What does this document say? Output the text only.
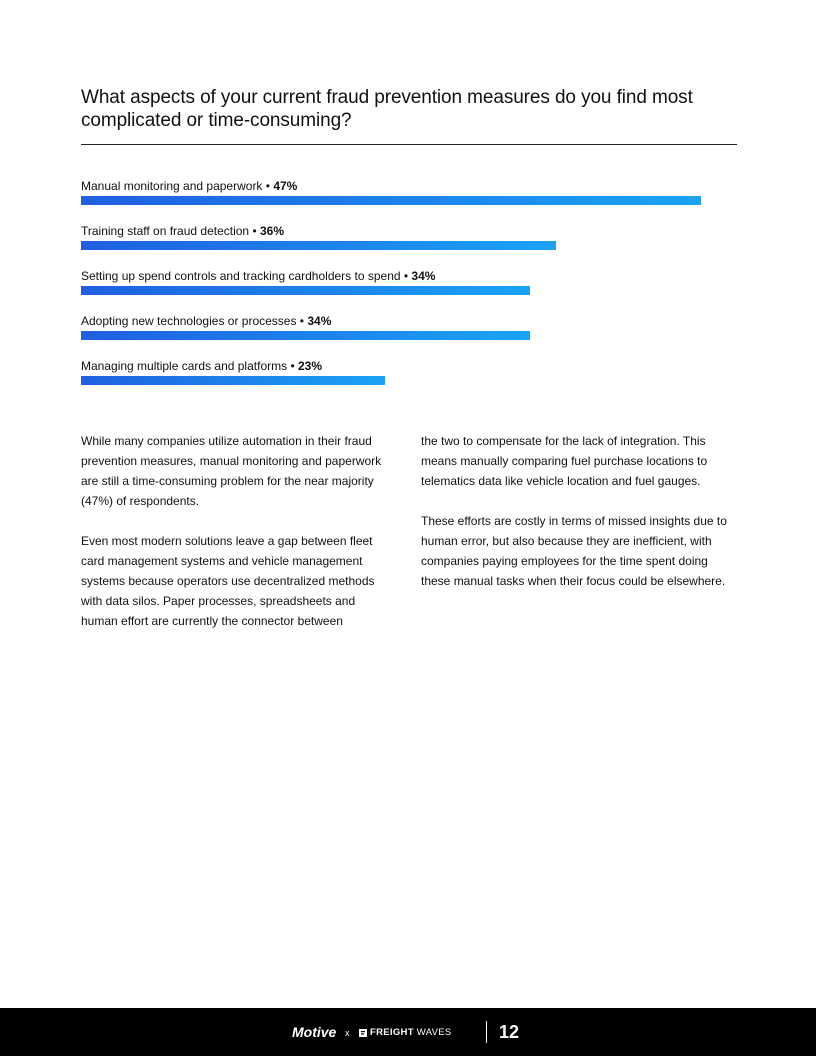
What aspects of your current fraud prevention measures do you find most complicated or time-consuming?
Manual monitoring and paperwork • 47%
Training staff on fraud detection • 36%
Setting up spend controls and tracking cardholders to spend • 34%
Adopting new technologies or processes • 34%
Managing multiple cards and platforms • 23%

While many companies utilize automation in their fraud prevention measures, manual monitoring and paperwork are still a time-consuming problem for the near majority (47%) of respondents.

Even most modern solutions leave a gap between fleet card management systems and vehicle management systems because operators use decentralized methods with data silos. Paper processes, spreadsheets and human effort are currently the connector between

the two to compensate for the lack of integration. This means manually comparing fuel purchase locations to telematics data like vehicle location and fuel gauges.

These efforts are costly in terms of missed insights due to human error, but also because they are inefficient, with companies paying employees for the time spent doing these manual tasks when their focus could be elsewhere.

Motive x FREIGHT WAVES	12
